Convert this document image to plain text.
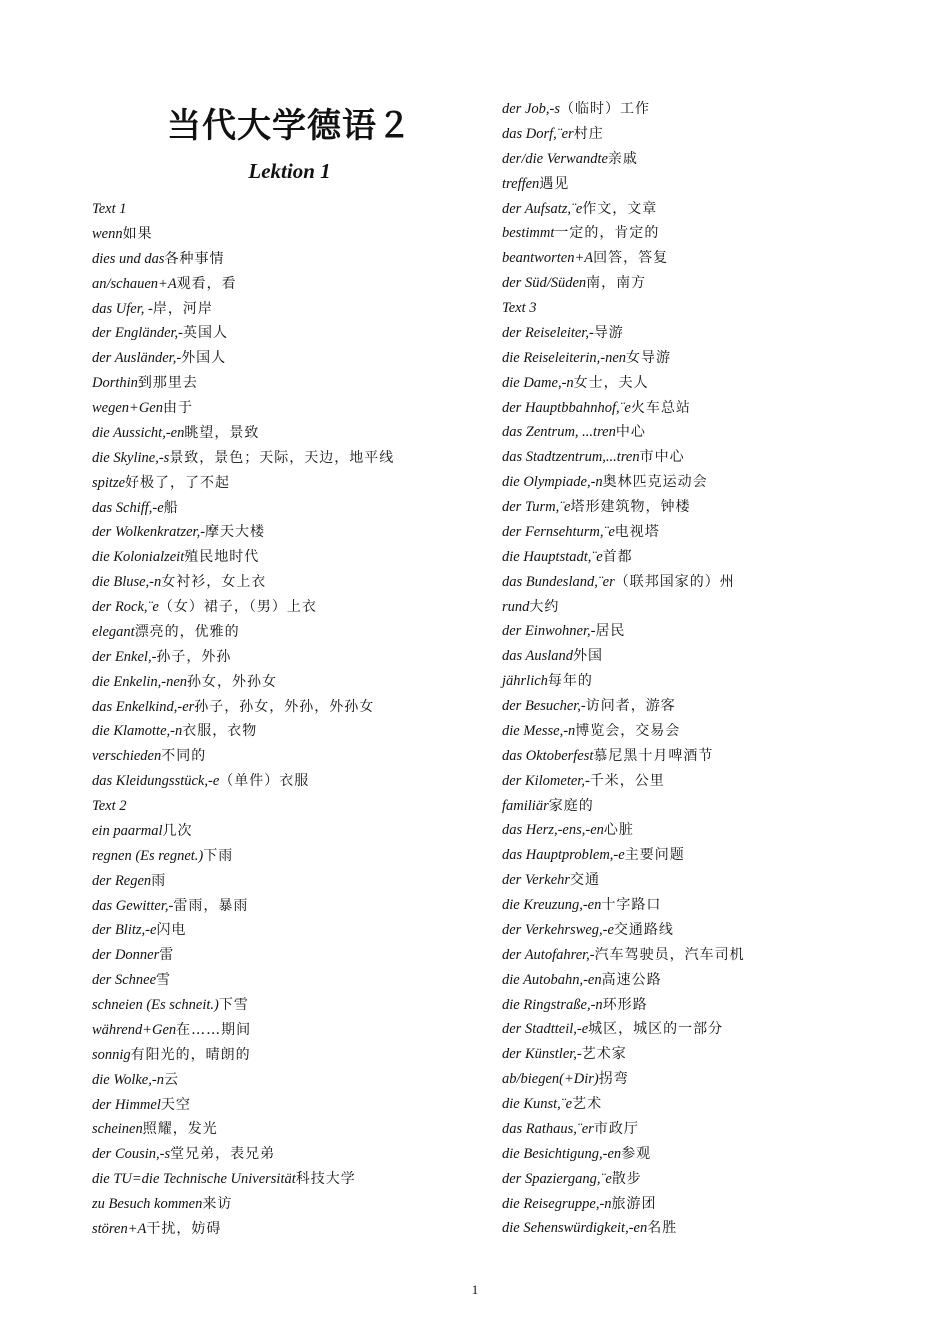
当代大学德语２
Lektion 1
Text 1
wenn如果
dies und das各种事情
an/schauen+A观看，看
das Ufer, -岸，河岸
der Engländer,-英国人
der Ausländer,-外国人
Dorthin到那里去
wegen+Gen由于
die Aussicht,-en眺望，景致
die Skyline,-s景致，景色；天际，天边，地平线
spitze好极了，了不起
das Schiff,-e船
der Wolkenkratzer,-摩天大楼
die Kolonialzeit殖民地时代
die Bluse,-n女衬衫，女上衣
der Rock,¨e（女）裙子，（男）上衣
elegant漂亮的，优雅的
der Enkel,-孙子，外孙
die Enkelin,-nen孙女，外孙女
das Enkelkind,-er孙子，孙女，外孙，外孙女
die Klamotte,-n衣服，衣物
verschieden不同的
das Kleidungsstück,-e（单件）衣服
Text 2
ein paarmal几次
regnen (Es regnet.)下雨
der Regen雨
das Gewitter,-雷雨，暴雨
der Blitz,-e闪电
der Donner雷
der Schnee雪
schneien (Es schneit.)下雪
während+Gen在……期间
sonnig有阳光的，晴朗的
die Wolke,-n云
der Himmel天空
scheinen照耀，发光
der Cousin,-s堂兄弟，表兄弟
die TU=die Technische Universität科技大学
zu Besuch kommen来访
stören+A干扰，妨碍
der Job,-s（临时）工作
das Dorf,¨er村庄
der/die Verwandte亲戚
treffen遇见
der Aufsatz,¨e作文，文章
bestimmt一定的，肯定的
beantworten+A回答，答复
der Süd/Süden南，南方
Text 3
der Reiseleiter,-导游
die Reiseleiterin,-nen女导游
die Dame,-n女士，夫人
der Hauptbbahnhof,¨e火车总站
das Zentrum, ...tren中心
das Stadtzentrum,...tren市中心
die Olympiade,-n奥林匹克运动会
der Turm,¨e塔形建筑物，钟楼
der Fernsehturm,¨e电视塔
die Hauptstadt,¨e首都
das Bundesland,¨er（联邦国家的）州
rund大约
der Einwohner,-居民
das Ausland外国
jährlich每年的
der Besucher,-访问者，游客
die Messe,-n博览会，交易会
das Oktoberfest慕尼黑十月啤酒节
der Kilometer,-千米，公里
familiär家庭的
das Herz,-ens,-en心脏
das Hauptproblem,-e主要问题
der Verkehr交通
die Kreuzung,-en十字路口
der Verkehrsweg,-e交通路线
der Autofahrer,-汽车驾驶员，汽车司机
die Autobahn,-en高速公路
die Ringstraße,-n环形路
der Stadtteil,-e城区，城区的一部分
der Künstler,-艺术家
ab/biegen(+Dir)拐弯
die Kunst,¨e艺术
das Rathaus,¨er市政厅
die Besichtigung,-en参观
der Spaziergang,¨e散步
die Reisegruppe,-n旅游团
die Sehenswürdigkeit,-en名胜
1
